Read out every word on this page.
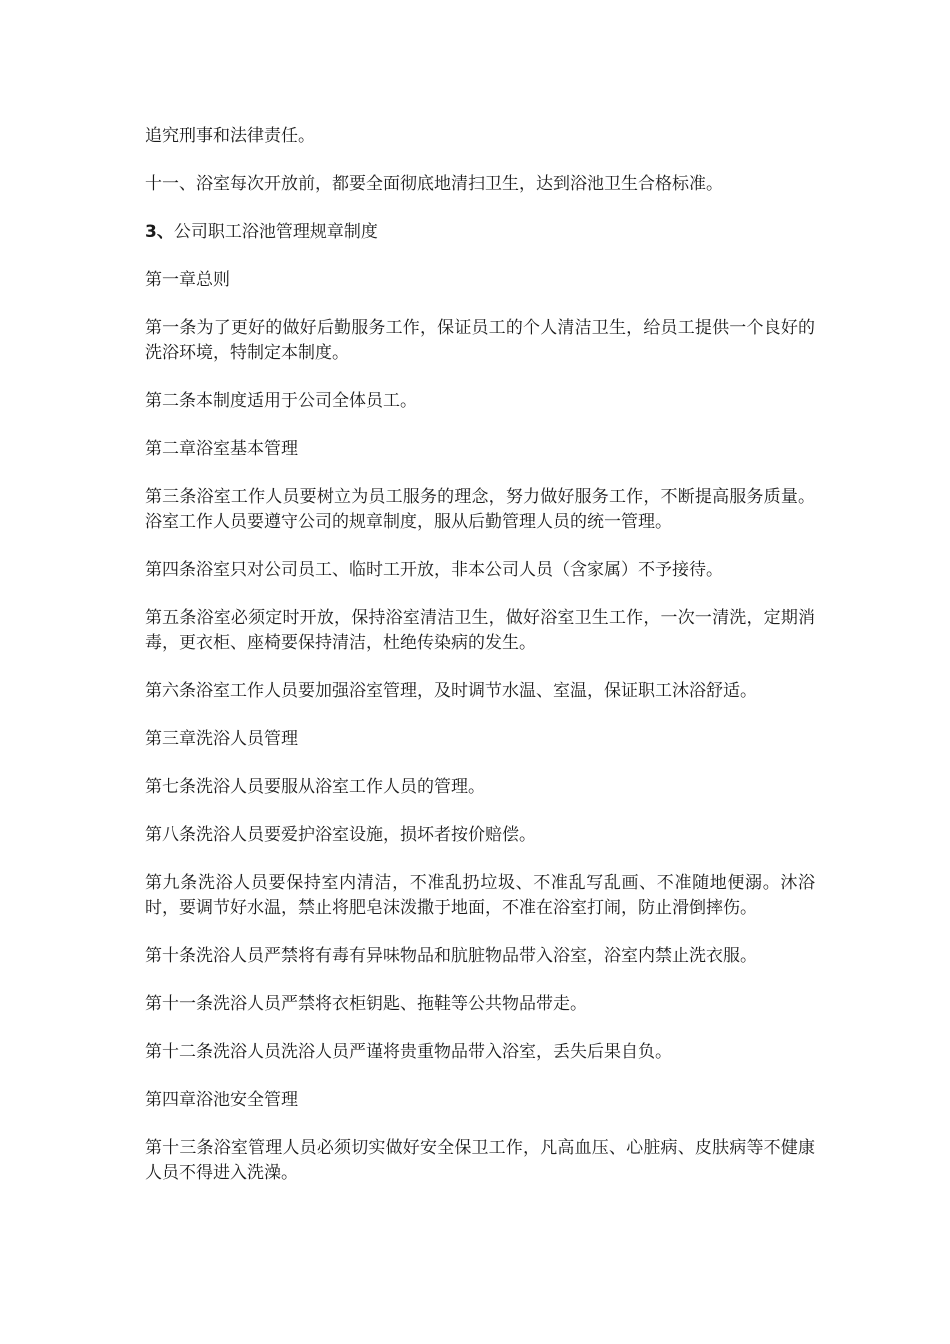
追究刑事和法律责任。

十一、浴室每次开放前，都要全面彻底地清扫卫生，达到浴池卫生合格标准。

3、公司职工浴池管理规章制度

第一章总则

第一条为了更好的做好后勤服务工作，保证员工的个人清洁卫生，给员工提供一个良好的洗浴环境，特制定本制度。

第二条本制度适用于公司全体员工。

第二章浴室基本管理

第三条浴室工作人员要树立为员工服务的理念，努力做好服务工作，不断提高服务质量。浴室工作人员要遵守公司的规章制度，服从后勤管理人员的统一管理。

第四条浴室只对公司员工、临时工开放，非本公司人员（含家属）不予接待。

第五条浴室必须定时开放，保持浴室清洁卫生，做好浴室卫生工作，一次一清洗，定期消毒，更衣柜、座椅要保持清洁，杜绝传染病的发生。

第六条浴室工作人员要加强浴室管理，及时调节水温、室温，保证职工沐浴舒适。

第三章洗浴人员管理

第七条洗浴人员要服从浴室工作人员的管理。

第八条洗浴人员要爱护浴室设施，损坏者按价赔偿。

第九条洗浴人员要保持室内清洁，不准乱扔垃圾、不准乱写乱画、不准随地便溺。沐浴时，要调节好水温，禁止将肥皂沫泼撒于地面，不准在浴室打闹，防止滑倒摔伤。

第十条洗浴人员严禁将有毒有异味物品和肮脏物品带入浴室，浴室内禁止洗衣服。

第十一条洗浴人员严禁将衣柜钥匙、拖鞋等公共物品带走。

第十二条洗浴人员洗浴人员严谨将贵重物品带入浴室，丢失后果自负。

第四章浴池安全管理

第十三条浴室管理人员必须切实做好安全保卫工作，凡高血压、心脏病、皮肤病等不健康人员不得进入洗澡。
